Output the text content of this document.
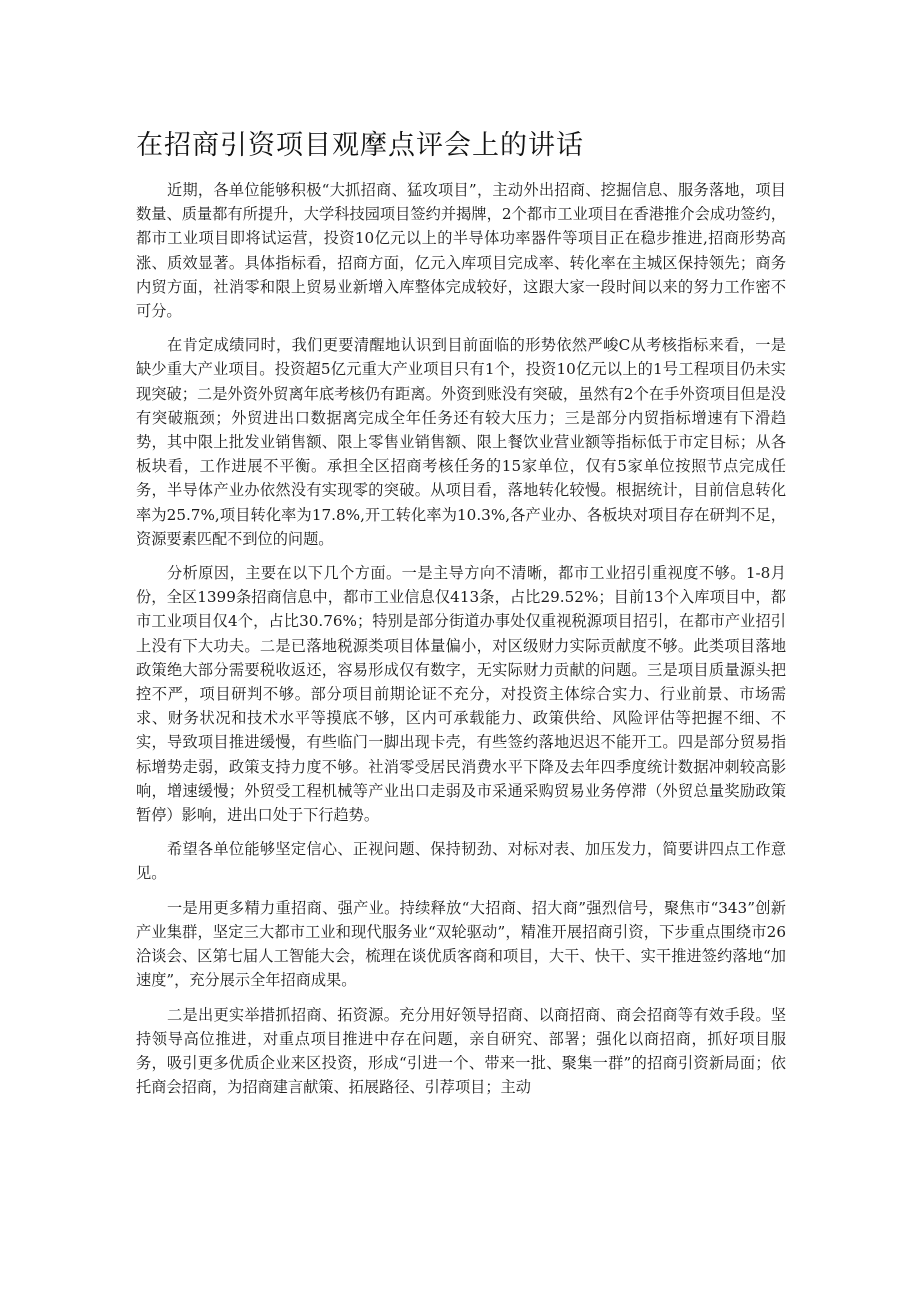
在招商引资项目观摩点评会上的讲话

近期，各单位能够积极“大抓招商、猛攻项目”，主动外出招商、挖掘信息、服务落地，项目数量、质量都有所提升，大学科技园项目签约并揭牌，2个都市工业项目在香港推介会成功签约，都市工业项目即将试运营，投资10亿元以上的半导体功率器件等项目正在稳步推进,招商形势高涨、质效显著。具体指标看，招商方面，亿元入库项目完成率、转化率在主城区保持领先；商务内贸方面，社消零和限上贸易业新增入库整体完成较好，这跟大家一段时间以来的努力工作密不可分。

在肯定成绩同时，我们更要清醒地认识到目前面临的形势依然严峻C从考核指标来看，一是缺少重大产业项目。投资超5亿元重大产业项目只有1个，投资10亿元以上的1号工程项目仍未实现突破；二是外资外贸离年底考核仍有距离。外资到账没有突破，虽然有2个在手外资项目但是没有突破瓶颈；外贸进出口数据离完成全年任务还有较大压力；三是部分内贸指标增速有下滑趋势，其中限上批发业销售额、限上零售业销售额、限上餐饮业营业额等指标低于市定目标；从各板块看，工作进展不平衡。承担全区招商考核任务的15家单位，仅有5家单位按照节点完成任务，半导体产业办依然没有实现零的突破。从项目看，落地转化较慢。根据统计，目前信息转化率为25.7%,项目转化率为17.8%,开工转化率为10.3%,各产业办、各板块对项目存在研判不足，资源要素匹配不到位的问题。

分析原因，主要在以下几个方面。一是主导方向不清晰，都市工业招引重视度不够。1-8月份，全区1399条招商信息中，都市工业信息仅413条，占比29.52%；目前13个入库项目中，都市工业项目仅4个，占比30.76%；特别是部分街道办事处仅重视税源项目招引，在都市产业招引上没有下大功夫。二是已落地税源类项目体量偏小，对区级财力实际贡献度不够。此类项目落地政策绝大部分需要税收返还，容易形成仅有数字，无实际财力贡献的问题。三是项目质量源头把控不严，项目研判不够。部分项目前期论证不充分，对投资主体综合实力、行业前景、市场需求、财务状况和技术水平等摸底不够，区内可承载能力、政策供给、风险评估等把握不细、不实，导致项目推进缓慢，有些临门一脚出现卡壳，有些签约落地迟迟不能开工。四是部分贸易指标增势走弱，政策支持力度不够。社消零受居民消费水平下降及去年四季度统计数据冲刺较高影响，增速缓慢；外贸受工程机械等产业出口走弱及市采通采购贸易业务停滞（外贸总量奖励政策暂停）影响，进出口处于下行趋势。

希望各单位能够坚定信心、正视问题、保持韧劲、对标对表、加压发力，简要讲四点工作意见。

一是用更多精力重招商、强产业。持续释放“大招商、招大商”强烈信号，聚焦市“343”创新产业集群，坚定三大都市工业和现代服务业“双轮驱动”，精准开展招商引资，下步重点围绕市26洽谈会、区第七届人工智能大会，梳理在谈优质客商和项目，大干、快干、实干推进签约落地“加速度”，充分展示全年招商成果。

二是出更实举措抓招商、拓资源。充分用好领导招商、以商招商、商会招商等有效手段。坚持领导高位推进，对重点项目推进中存在问题，亲自研究、部署；强化以商招商，抓好项目服务，吸引更多优质企业来区投资，形成“引进一个、带来一批、聚集一群”的招商引资新局面；依托商会招商，为招商建言献策、拓展路径、引荐项目；主动
